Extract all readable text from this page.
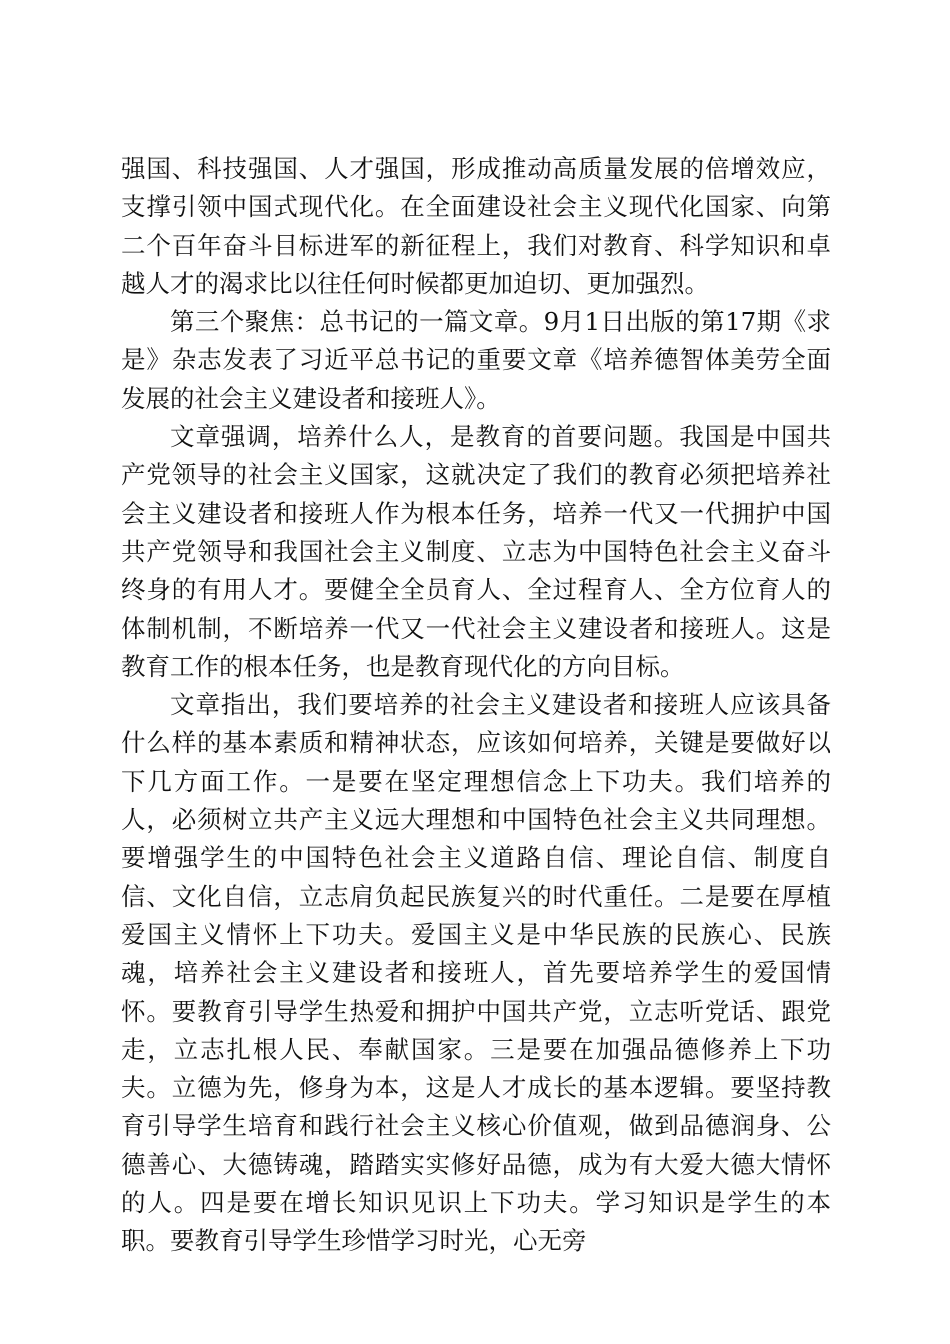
强国、科技强国、人才强国，形成推动高质量发展的倍增效应，支撑引领中国式现代化。在全面建设社会主义现代化国家、向第二个百年奋斗目标进军的新征程上，我们对教育、科学知识和卓越人才的渴求比以往任何时候都更加迫切、更加强烈。

第三个聚焦：总书记的一篇文章。9月1日出版的第17期《求是》杂志发表了习近平总书记的重要文章《培养德智体美劳全面发展的社会主义建设者和接班人》。

文章强调，培养什么人，是教育的首要问题。我国是中国共产党领导的社会主义国家，这就决定了我们的教育必须把培养社会主义建设者和接班人作为根本任务，培养一代又一代拥护中国共产党领导和我国社会主义制度、立志为中国特色社会主义奋斗终身的有用人才。要健全全员育人、全过程育人、全方位育人的体制机制，不断培养一代又一代社会主义建设者和接班人。这是教育工作的根本任务，也是教育现代化的方向目标。

文章指出，我们要培养的社会主义建设者和接班人应该具备什么样的基本素质和精神状态，应该如何培养，关键是要做好以下几方面工作。一是要在坚定理想信念上下功夫。我们培养的人，必须树立共产主义远大理想和中国特色社会主义共同理想。要增强学生的中国特色社会主义道路自信、理论自信、制度自信、文化自信，立志肩负起民族复兴的时代重任。二是要在厚植爱国主义情怀上下功夫。爱国主义是中华民族的民族心、民族魂，培养社会主义建设者和接班人，首先要培养学生的爱国情怀。要教育引导学生热爱和拥护中国共产党，立志听党话、跟党走，立志扎根人民、奉献国家。三是要在加强品德修养上下功夫。立德为先，修身为本，这是人才成长的基本逻辑。要坚持教育引导学生培育和践行社会主义核心价值观，做到品德润身、公德善心、大德铸魂，踏踏实实修好品德，成为有大爱大德大情怀的人。四是要在增长知识见识上下功夫。学习知识是学生的本职。要教育引导学生珍惜学习时光，心无旁
